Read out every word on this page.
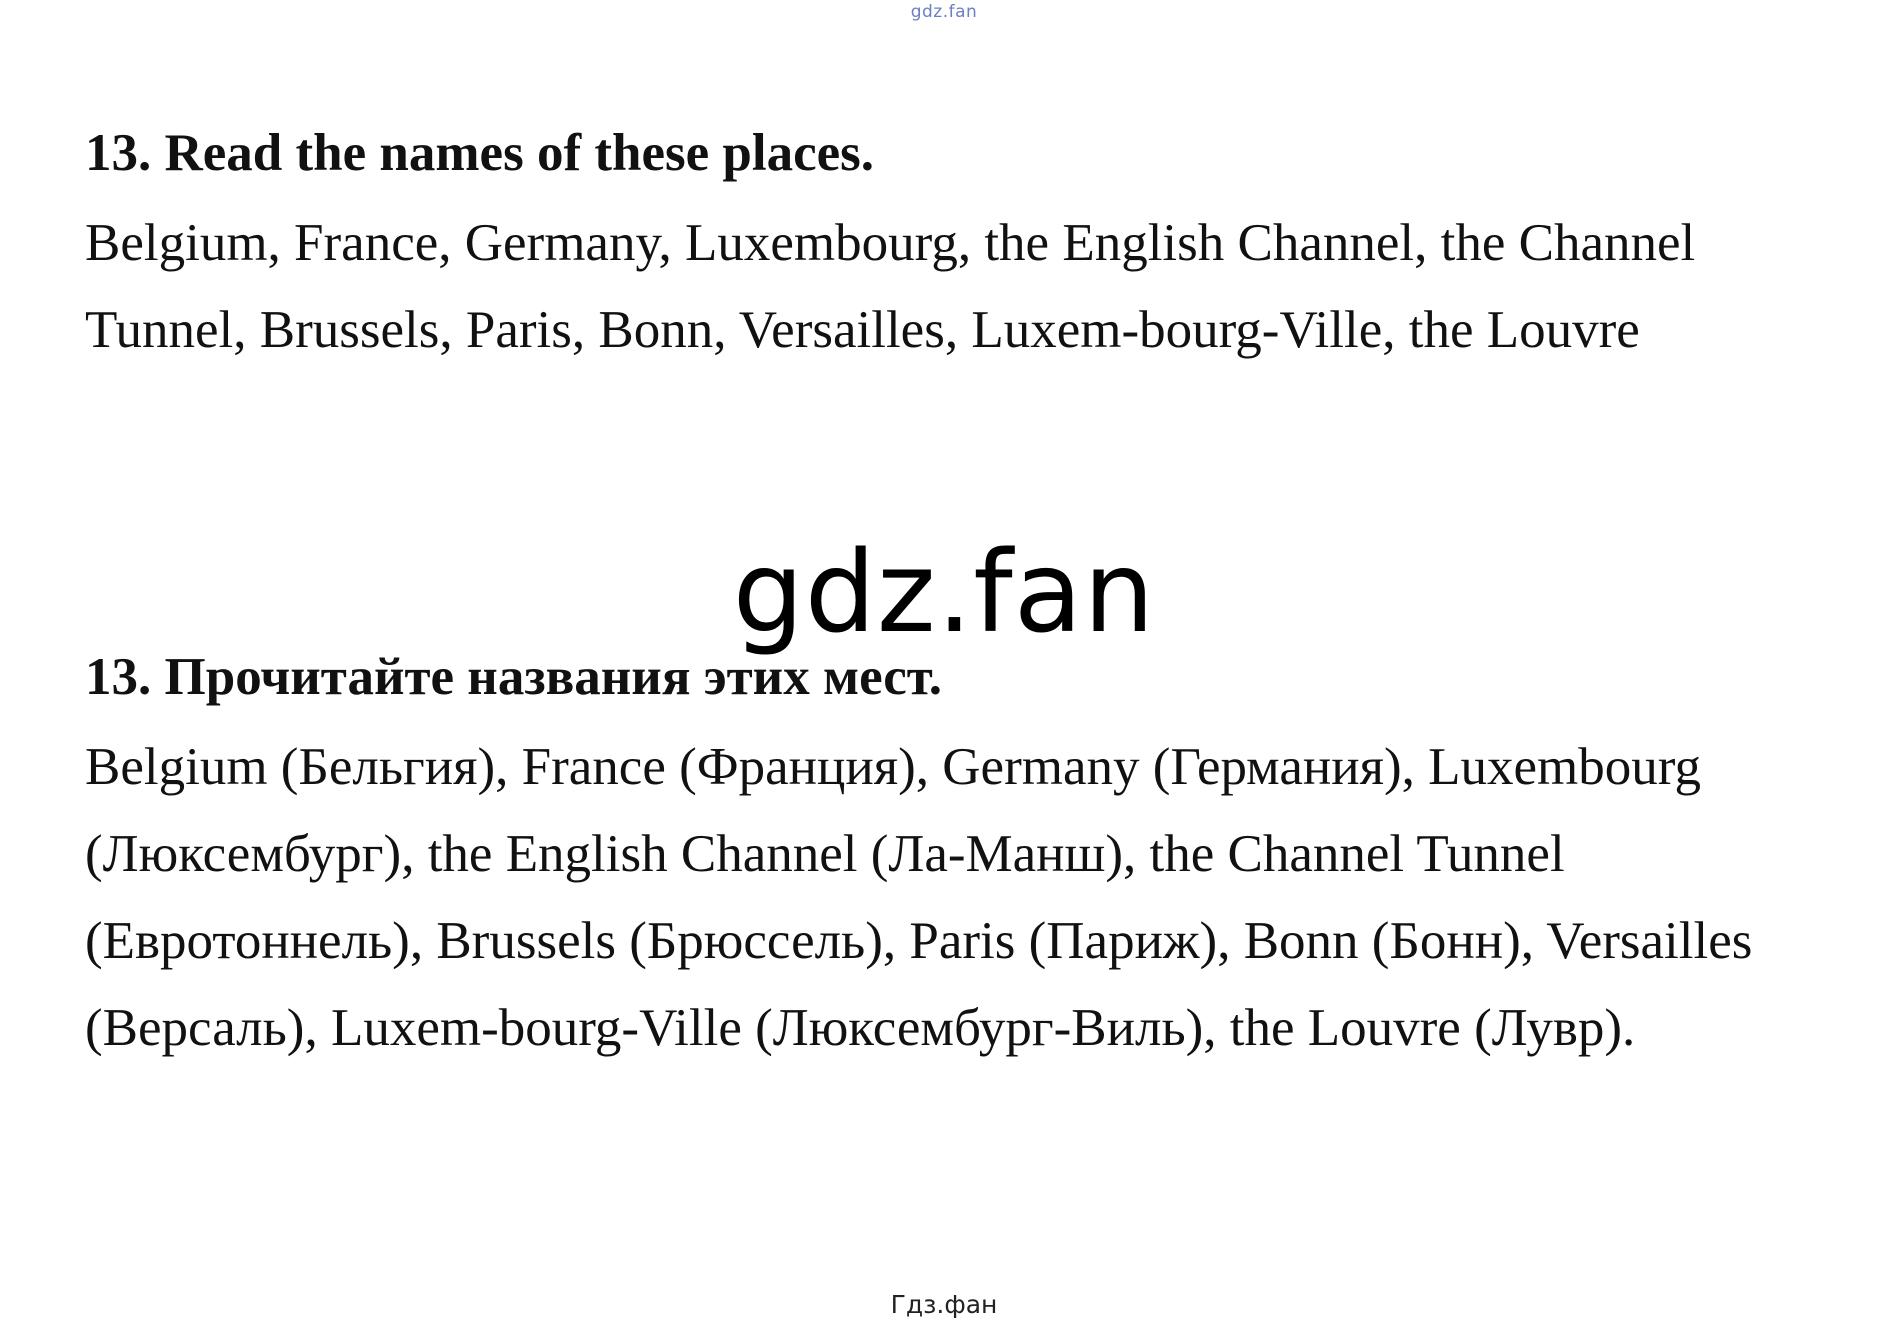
gdz.fan
13. Read the names of these places.

Belgium, France, Germany, Luxembourg, the English Channel, the Channel Tunnel, Brussels, Paris, Bonn, Versailles, Luxem-bourg-Ville, the Louvre

gdz.fan
13. Прочитайте названия этих мест.

Belgium (Бельгия), France (Франция), Germany (Германия), Luxembourg (Люксембург), the English Channel (Ла-Манш), the Channel Tunnel (Евротоннель), Brussels (Брюссель), Paris (Париж), Bonn (Бонн), Versailles (Версаль), Luxem-bourg-Ville (Люксембург-Виль), the Louvre (Лувр).

Гдз.фан
